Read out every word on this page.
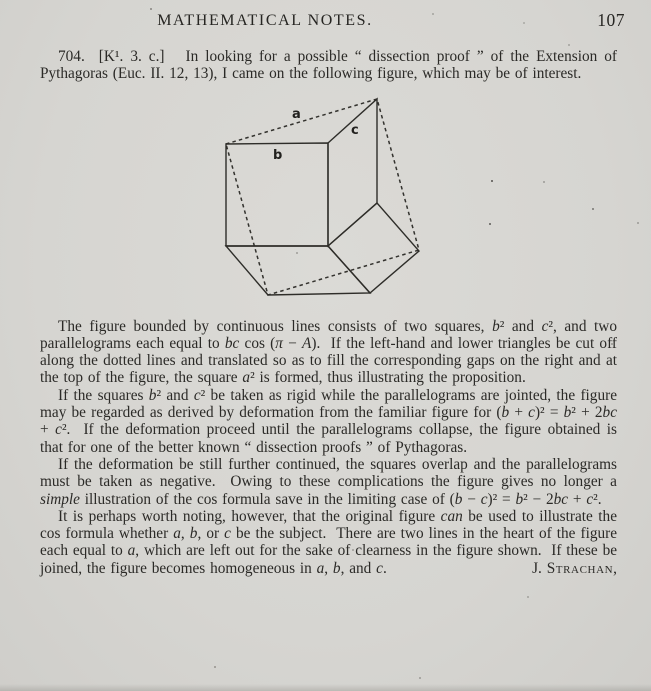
MATHEMATICAL NOTES.	107

704.  [K¹. 3. c.]   In looking for a possible “ dissection proof ” of the Extension of Pythagoras (Euc. II. 12, 13), I came on the following figure, which may be of interest.

a
b
c

The figure bounded by continuous lines consists of two squares, b² and c², and two parallelograms each equal to bc cos (π − A).  If the left-hand and lower triangles be cut off along the dotted lines and translated so as to fill the corresponding gaps on the right and at the top of the figure, the square a² is formed, thus illustrating the proposition.

If the squares b² and c² be taken as rigid while the parallelograms are jointed, the figure may be regarded as derived by deformation from the familiar figure for (b + c)² = b² + 2bc + c².  If the deformation proceed until the parallelograms collapse, the figure obtained is that for one of the better known “ dissection proofs ” of Pythagoras.

If the deformation be still further continued, the squares overlap and the parallelograms must be taken as negative.  Owing to these complications the figure gives no longer a simple illustration of the cos formula save in the limiting case of (b − c)² = b² − 2bc + c².

It is perhaps worth noting, however, that the original figure can be used to illustrate the cos formula whether a, b, or c be the subject.  There are two lines in the heart of the figure each equal to a, which are left out for the sake of clearness in the figure shown.  If these be joined, the figure becomes homogeneous in a, b, and c.	J. Strachan,
